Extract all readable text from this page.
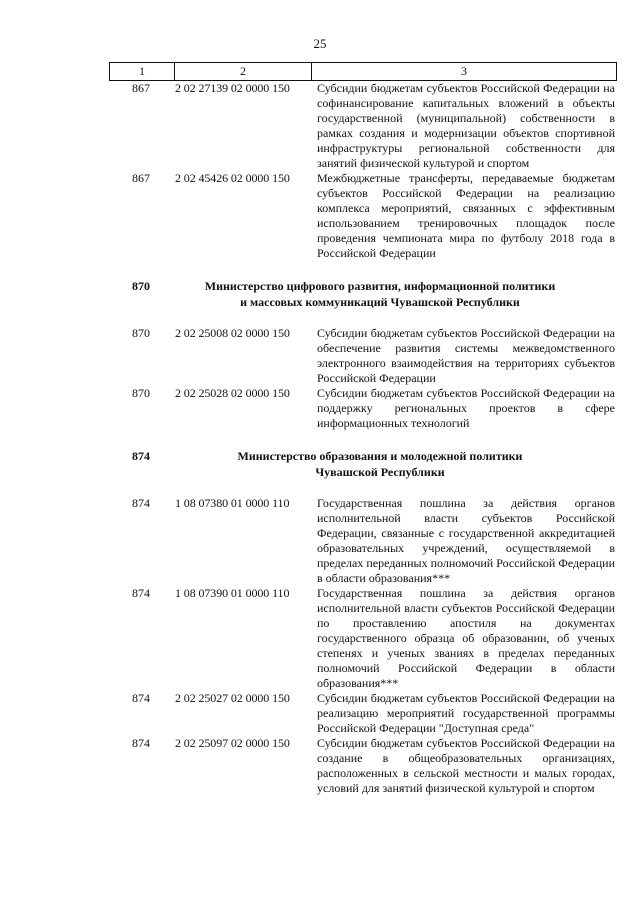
25
1	2	3
867	2 02 27139 02 0000 150	Субсидии бюджетам субъектов Российской Федерации на софинансирование капитальных вложений в объекты государственной (муниципальной) собственности в рамках создания и модернизации объектов спортивной инфраструктуры региональной собственности для занятий физической культурой и спортом
867	2 02 45426 02 0000 150	Межбюджетные трансферты, передаваемые бюджетам субъектов Российской Федерации на реализацию комплекса мероприятий, связанных с эффективным использованием тренировочных площадок после проведения чемпионата мира по футболу 2018 года в Российской Федерации
870	Министерство цифрового развития, информационной политики
и массовых коммуникаций Чувашской Республики
870	2 02 25008 02 0000 150	Субсидии бюджетам субъектов Российской Федерации на обеспечение развития системы межведомственного электронного взаимодействия на территориях субъектов Российской Федерации
870	2 02 25028 02 0000 150	Субсидии бюджетам субъектов Российской Федерации на поддержку региональных проектов в сфере информационных технологий
874	Министерство образования и молодежной политики
Чувашской Республики
874	1 08 07380 01 0000 110	Государственная пошлина за действия органов исполнительной власти субъектов Российской Федерации, связанные с государственной аккредитацией образовательных учреждений, осуществляемой в пределах переданных полномочий Российской Федерации в области образования***
874	1 08 07390 01 0000 110	Государственная пошлина за действия органов исполнительной власти субъектов Российской Федерации по проставлению апостиля на документах государственного образца об образовании, об ученых степенях и ученых званиях в пределах переданных полномочий Российской Федерации в области образования***
874	2 02 25027 02 0000 150	Субсидии бюджетам субъектов Российской Федерации на реализацию мероприятий государственной программы Российской Федерации "Доступная среда"
874	2 02 25097 02 0000 150	Субсидии бюджетам субъектов Российской Федерации на создание в общеобразовательных организациях, расположенных в сельской местности и малых городах, условий для занятий физической культурой и спортом
